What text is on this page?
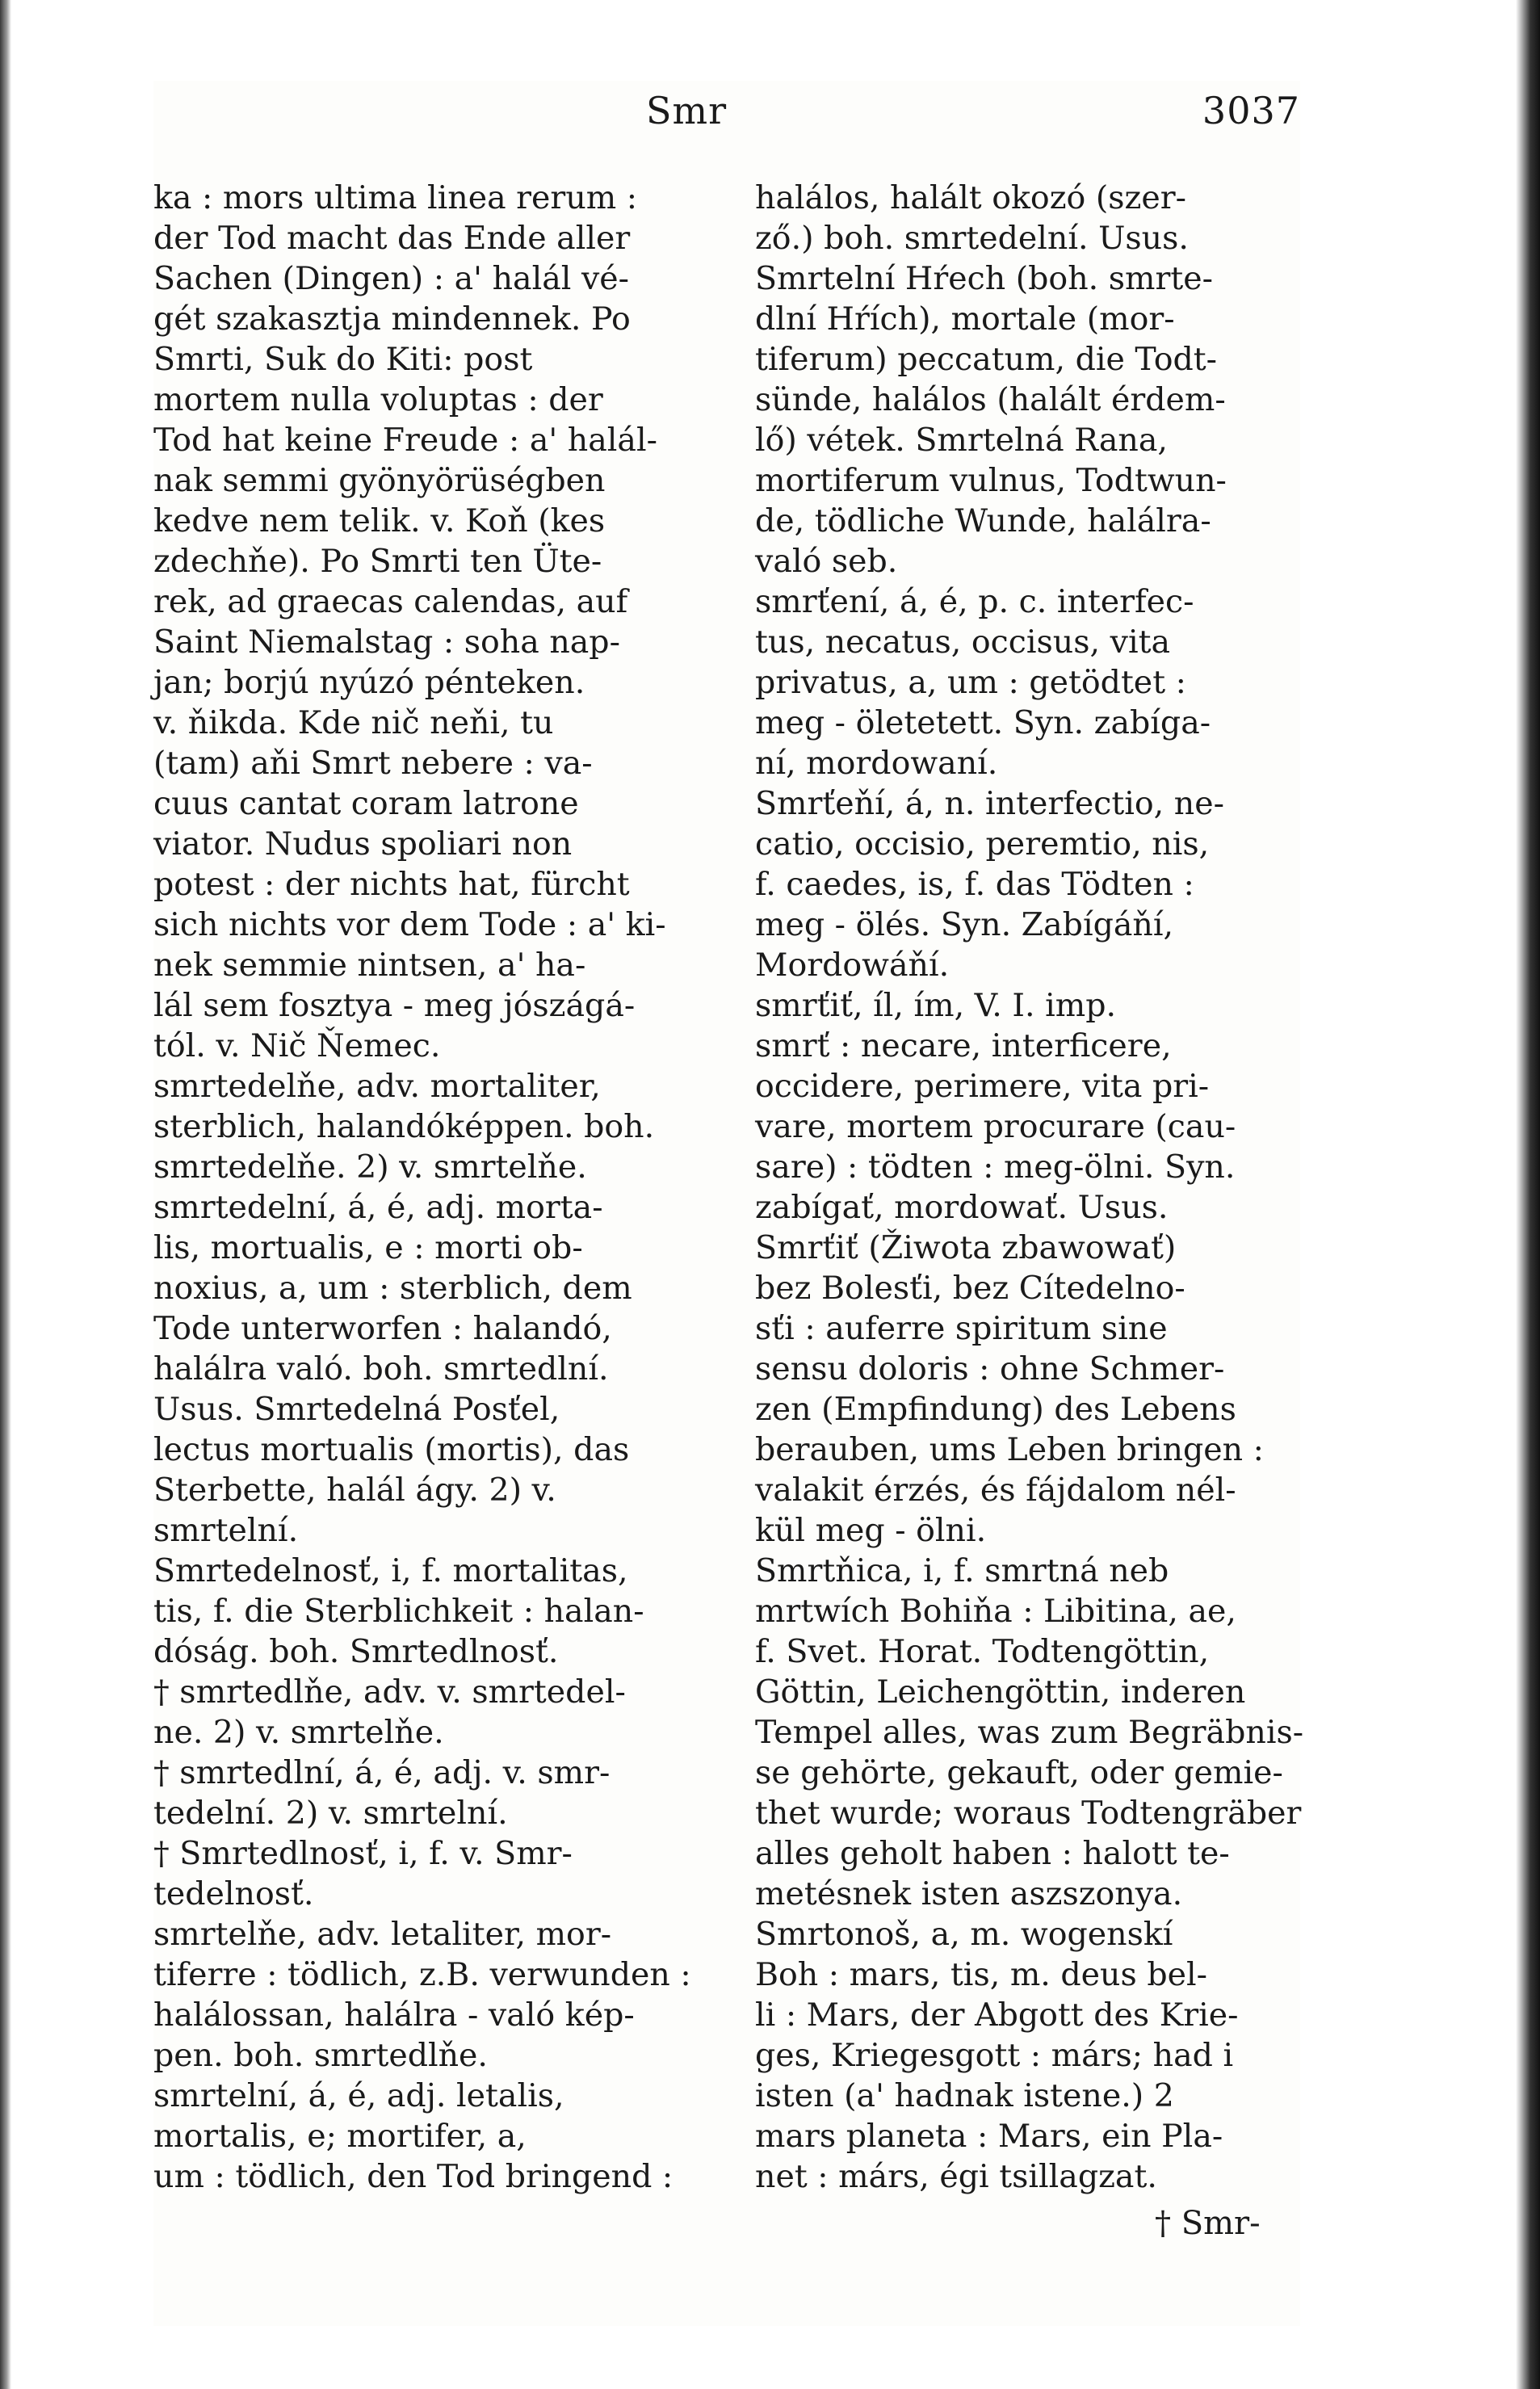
Smr	3037
ka : mors ultima linea rerum :
der Tod macht das Ende aller
Sachen (Dingen) : a' halál vé-
gét szakasztja mindennek. Po
Smrti, Suk do Kiti: post
mortem nulla voluptas : der
Tod hat keine Freude : a' halál-
nak semmi gyönyörüségben
kedve nem telik. v. Koň (kes
zdechňe). Po Smrti ten Üte-
rek, ad graecas calendas, auf
Saint Niemalstag : soha nap-
jan; borjú nyúzó pénteken.
v. ňikda. Kde nič neňi, tu
(tam) aňi Smrt nebere : va-
cuus cantat coram latrone
viator. Nudus spoliari non
potest : der nichts hat, fürcht
sich nichts vor dem Tode : a' ki-
nek semmie nintsen, a' ha-
lál sem fosztya - meg jószágá-
tól. v. Nič Ňemec.
smrtedelňe, adv. mortaliter,
sterblich, halandóképpen. boh.
smrtedelňe. 2) v. smrtelňe.
smrtedelní, á, é, adj. morta-
lis, mortualis, e : morti ob-
noxius, a, um : sterblich, dem
Tode unterworfen : halandó,
halálra való. boh. smrtedlní.
Usus. Smrtedelná Posťel,
lectus mortualis (mortis), das
Sterbette, halál ágy. 2) v.
smrtelní.
Smrtedelnosť, i, f. mortalitas,
tis, f. die Sterblichkeit : halan-
dóság. boh. Smrtedlnosť.
† smrtedlňe, adv. v. smrtedel-
ne. 2) v. smrtelňe.
† smrtedlní, á, é, adj. v. smr-
tedelní. 2) v. smrtelní.
† Smrtedlnosť, i, f. v. Smr-
tedelnosť.
smrtelňe, adv. letaliter, mor-
tiferre : tödlich, z.B. verwunden :
halálossan, halálra - való kép-
pen. boh. smrtedlňe.
smrtelní, á, é, adj. letalis,
mortalis, e; mortifer, a,
um : tödlich, den Tod bringend :
halálos, halált okozó (szer-
ző.) boh. smrtedelní. Usus.
Smrtelní Hŕech (boh. smrte-
dlní Hŕích), mortale (mor-
tiferum) peccatum, die Todt-
sünde, halálos (halált érdem-
lő) vétek. Smrtelná Rana,
mortiferum vulnus, Todtwun-
de, tödliche Wunde, halálra-
való seb.
smrťení, á, é, p. c. interfec-
tus, necatus, occisus, vita
privatus, a, um : getödtet :
meg - öletetett. Syn. zabíga-
ní, mordowaní.
Smrťeňí, á, n. interfectio, ne-
catio, occisio, peremtio, nis,
f. caedes, is, f. das Tödten :
meg - ölés. Syn. Zabígáňí,
Mordowáňí.
smrťiť, íl, ím, V. I. imp.
smrť : necare, interficere,
occidere, perimere, vita pri-
vare, mortem procurare (cau-
sare) : tödten : meg-ölni. Syn.
zabígať, mordowať. Usus.
Smrťiť (Žiwota zbawowať)
bez Bolesťi, bez Cítedelno-
sťi : auferre spiritum sine
sensu doloris : ohne Schmer-
zen (Empfindung) des Lebens
berauben, ums Leben bringen :
valakit érzés, és fájdalom nél-
kül meg - ölni.
Smrtňica, i, f. smrtná neb
mrtwích Bohiňa : Libitina, ae,
f. Svet. Horat. Todtengöttin,
Göttin, Leichengöttin, inderen
Tempel alles, was zum Begräbnis-
se gehörte, gekauft, oder gemie-
thet wurde; woraus Todtengräber
alles geholt haben : halott te-
metésnek isten aszszonya.
Smrtonoš, a, m. wogenskí
Boh : mars, tis, m. deus bel-
li : Mars, der Abgott des Krie-
ges, Kriegesgott : márs; had i
isten (a' hadnak istene.) 2
mars planeta : Mars, ein Pla-
net : márs, égi tsillagzat.
† Smr-
